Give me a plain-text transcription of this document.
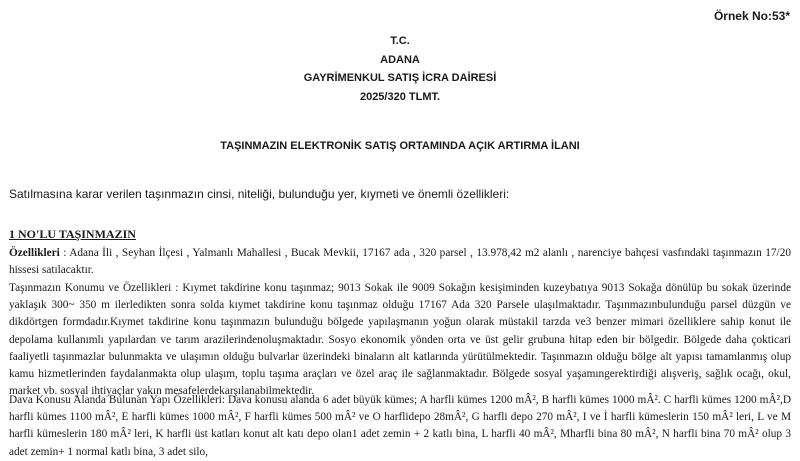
Örnek No:53*
T.C.
ADANA
GAYRİMENKUL SATIŞ İCRA DAİRESİ
2025/320 TLMT.
TAŞINMAZIN ELEKTRONİK SATIŞ ORTAMINDA AÇIK ARTIRMA İLANI
Satılmasına karar verilen taşınmazın cinsi, niteliği, bulunduğu yer, kıymeti ve önemli özellikleri:
1 NO'LU TAŞINMAZIN

Özellikleri : Adana İli , Seyhan İlçesi , Yalmanlı Mahallesi , Bucak Mevkii, 17167 ada , 320 parsel , 13.978,42 m2 alanlı , narenciye bahçesi vasfındaki taşınmazın 17/20 hissesi satılacaktır.

Taşınmazın Konumu ve Özellikleri : Kıymet takdirine konu taşınmaz; 9013 Sokak ile 9009 Sokağın kesişiminden kuzeybatıya 9013 Sokağa dönülüp bu sokak üzerinde yaklaşık 300~ 350 m ilerledikten sonra solda kıymet takdirine konu taşınmaz olduğu 17167 Ada 320 Parsele ulaşılmaktadır. Taşınmazınbulunduğu parsel düzgün ve dikdörtgen formdadır.Kıymet takdirine konu taşınmazın bulunduğu bölgede yapılaşmanın yoğun olarak müstakil tarzda ve3 benzer mimari özelliklere sahip konut ile depolama kullanımlı yapılardan ve tarım arazilerindenoluşmaktadır. Sosyo ekonomik yönden orta ve üst gelir grubuna hitap eden bir bölgedir. Bölgede daha çokticari faaliyetli taşınmazlar bulunmakta ve ulaşımın olduğu bulvarlar üzerindeki binaların alt katlarında yürütülmektedir. Taşınmazın olduğu bölge alt yapısı tamamlanmış olup kamu hizmetlerinden faydalanmakta olup ulaşım, toplu taşıma araçları ve özel araç ile sağlanmaktadır. Bölgede sosyal yaşamıngerektirdiği alışveriş, sağlık ocağı, okul, market vb. sosyal ihtiyaçlar yakın mesafelerdekarşılanabilmektedir.

Dava Konusu Alanda Bulunan Yapı Özellikleri: Dava konusu alanda 6 adet büyük kümes; A harfli kümes 1200 mÂ², B harfli kümes 1000 mÂ². C harfli kümes 1200 mÂ²,D harfli kümes 1100 mÂ², E harfli kümes 1000 mÂ², F harfli kümes 500 mÂ² ve O harflidepo 28mÂ², G harfli depo 270 mÂ², I ve İ harfli kümeslerin 150 mÂ² leri, L ve M harfli kümeslerin 180 mÂ² leri, K harfli üst katları konut alt katı depo olan1 adet zemin + 2 katlı bina, L harfli 40 mÂ², Mharfli bina 80 mÂ², N harfli bina 70 mÂ² olup 3 adet zemin+ 1 normal katlı bina, 3 adet silo,
